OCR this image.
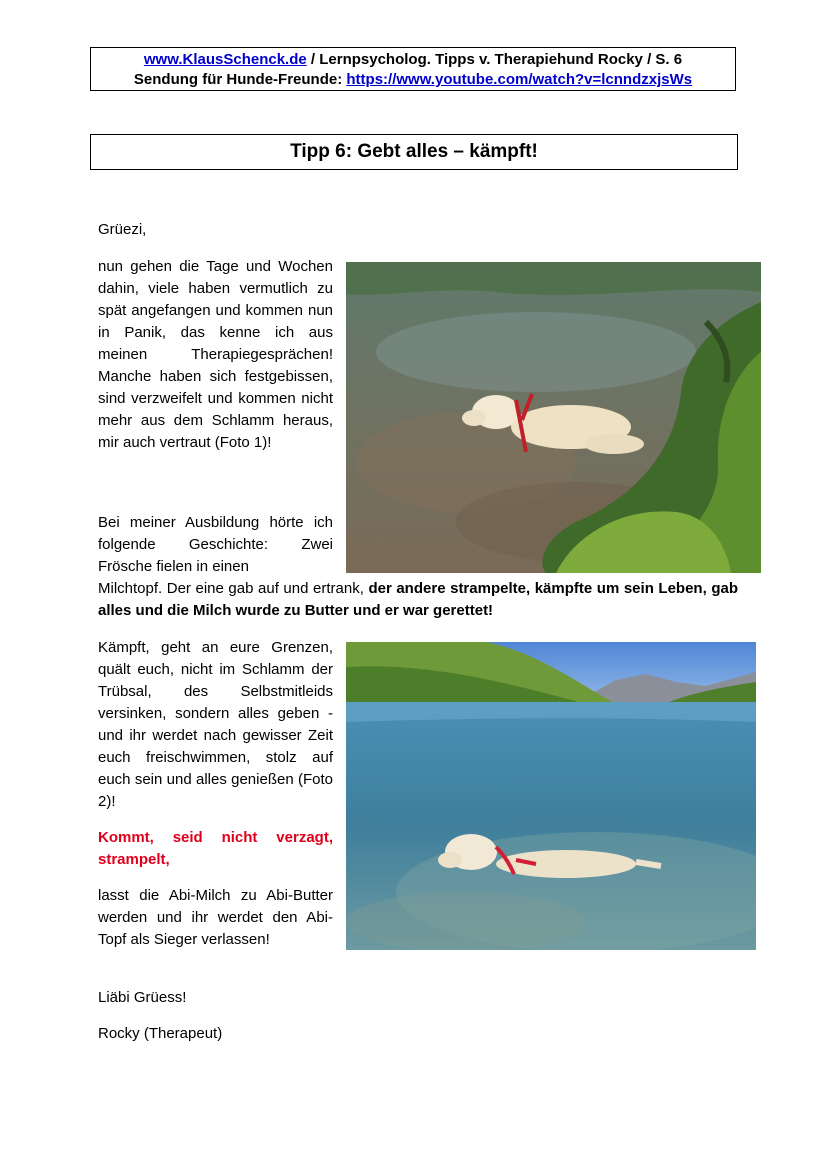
www.KlausSchenck.de / Lernpsycholog. Tipps v. Therapiehund Rocky / S. 6
Sendung für Hunde-Freunde: https://www.youtube.com/watch?v=lcnndzxjsWs
Tipp 6: Gebt alles – kämpft!

Grüezi,

nun gehen die Tage und Wochen dahin, viele haben vermutlich zu spät angefangen und kommen nun in Panik, das kenne ich aus meinen Therapiegesprächen! Manche haben sich festgebissen, sind verzweifelt und kommen nicht mehr aus dem Schlamm heraus, mir auch vertraut (Foto 1)!

Bei meiner Ausbildung hörte ich folgende Geschichte: Zwei Frösche fielen in einen

Milchtopf. Der eine gab auf und ertrank, der andere strampelte, kämpfte um sein Leben, gab alles und die Milch wurde zu Butter und er war gerettet!

Kämpft, geht an eure Grenzen, quält euch, nicht im Schlamm der Trübsal, des Selbstmitleids versinken, sondern alles geben - und ihr werdet nach gewisser Zeit euch freischwimmen, stolz auf euch sein und alles genießen (Foto 2)!

Kommt, seid nicht verzagt, strampelt,

lasst die Abi-Milch zu Abi-Butter werden und ihr werdet den Abi-Topf als Sieger verlassen!

Liäbi Grüess!

Rocky (Therapeut)
